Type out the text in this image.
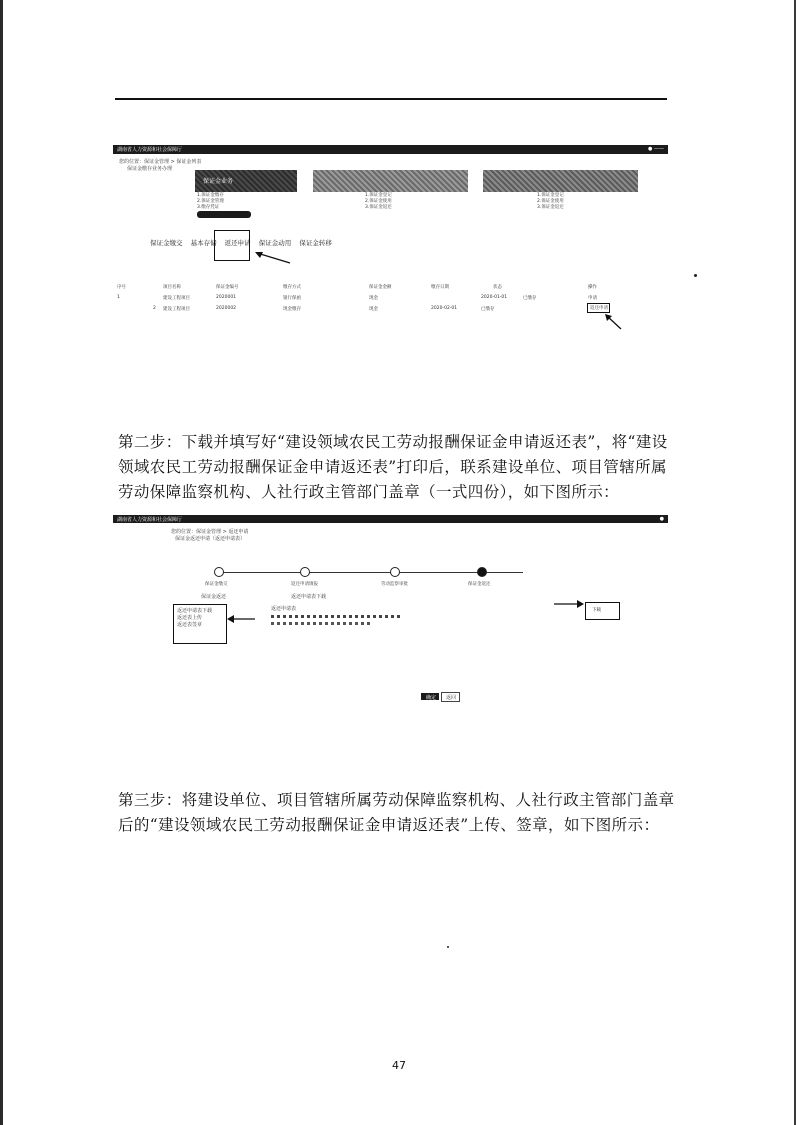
湖南省人力资源和社会保障厅	● ——
您的位置：保证金管理 > 保证金列表
保证金缴存业务办理
保证金业务
1.保证金缴存
2.保证金管理
3.缴存凭证
1.保证金登记
2.保证金使用
3.保证金返还
1.保证金登记
2.保证金使用
3.保证金返还
保证金缴交 基本存储 返还申请 保证金动用 保证金转移
序号	项目名称	保证金编号	缴存方式	保证金金额	缴存日期	状态	操作
1	建设工程项目	2020001	银行保函	现金	2020-01-01	已缴存	申请
2 建设工程项目	2020002	现金缴存	现金	2020-02-01	已缴存	返还申请
第二步：下载并填写好“建设领域农民工劳动报酬保证金申请返还表”，将“建设领域农民工劳动报酬保证金申请返还表”打印后，联系建设单位、项目管辖所属劳动保障监察机构、人社行政主管部门盖章（一式四份），如下图所示：
湖南省人力资源和社会保障厅	●
您的位置：保证金管理 > 返还申请
保证金返还申请（返还申请表）
保证金缴交	返还申请填报	劳动监察审批	保证金返还
保证金返还	返还申请表下载
返还申请表下载
返还表上传
返还表签章
返还申请表	下载
确定 返回
第三步：将建设单位、项目管辖所属劳动保障监察机构、人社行政主管部门盖章后的“建设领域农民工劳动报酬保证金申请返还表”上传、签章，如下图所示：
47
